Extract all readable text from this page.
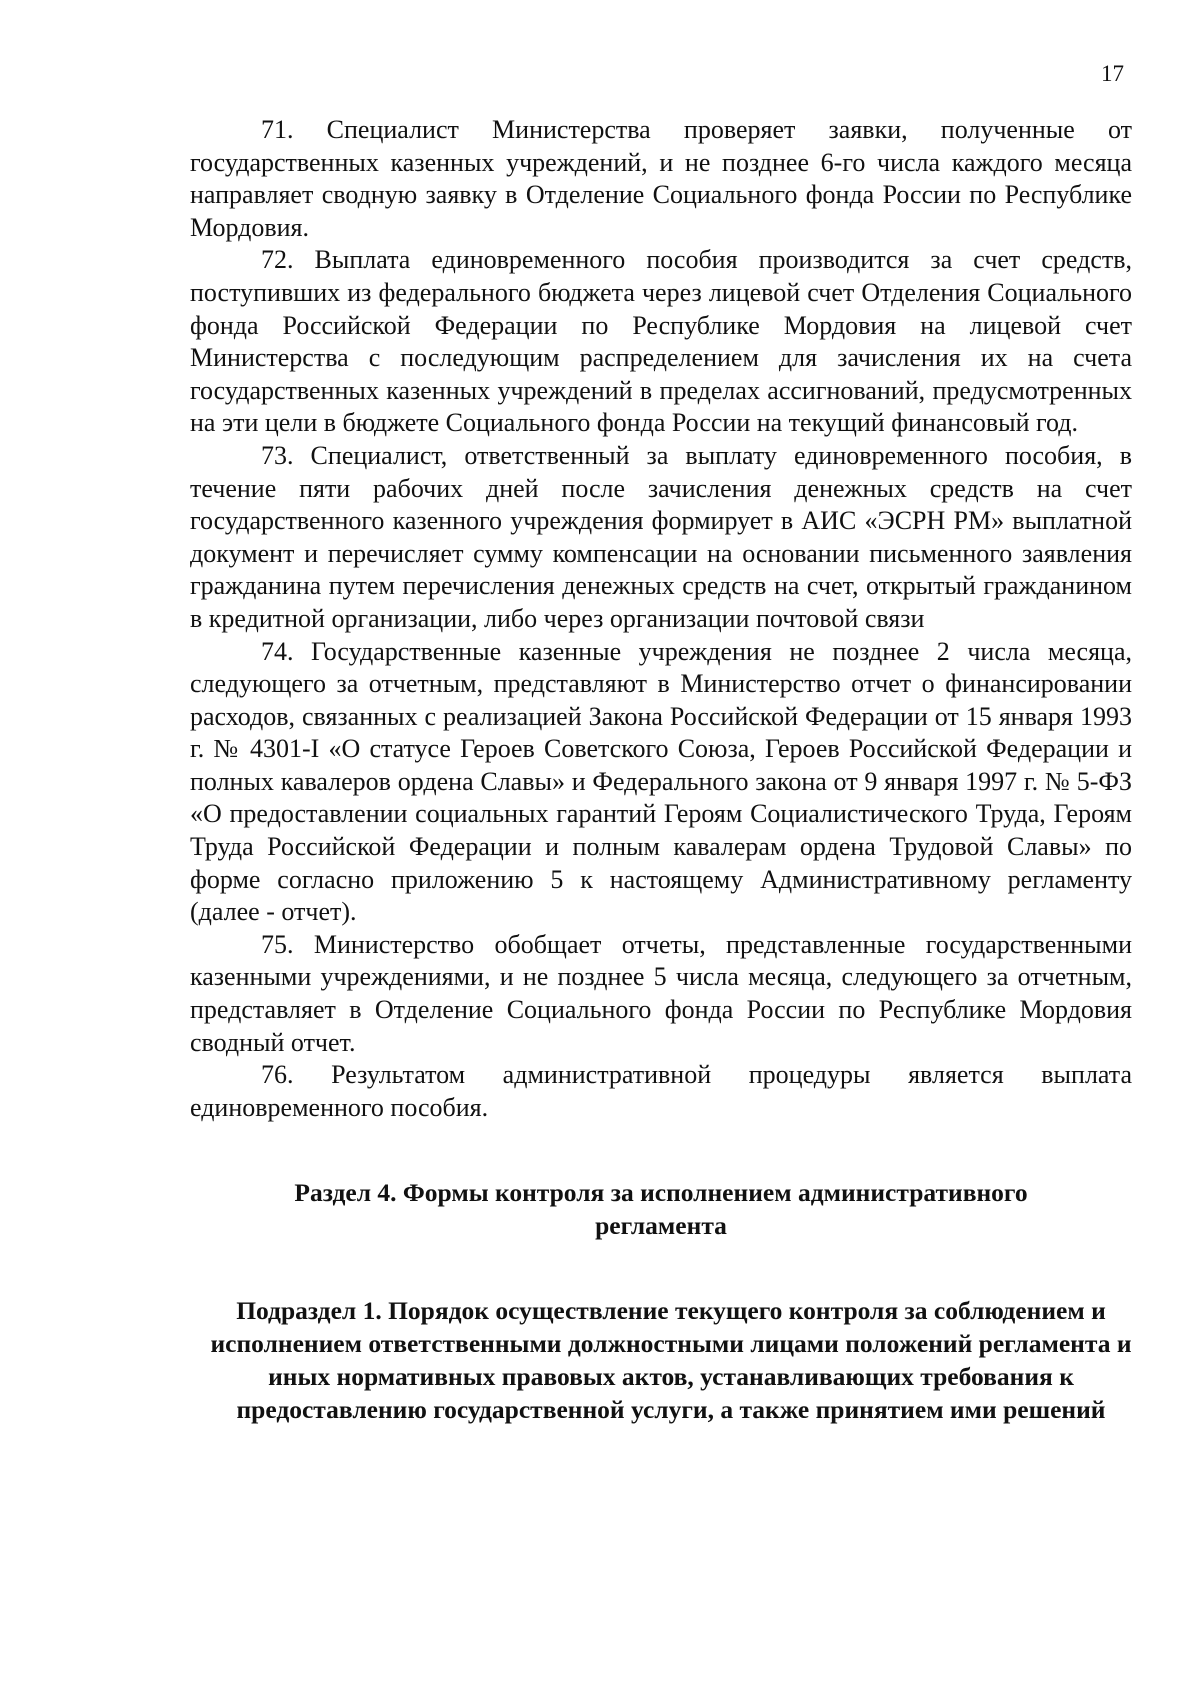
17

71. Специалист Министерства проверяет заявки, полученные от государственных казенных учреждений, и не позднее 6-го числа каждого месяца направляет сводную заявку в Отделение Социального фонда России по Республике Мордовия.

72. Выплата единовременного пособия производится за счет средств, поступивших из федерального бюджета через лицевой счет Отделения Социального фонда Российской Федерации по Республике Мордовия на лицевой счет Министерства с последующим распределением для зачисления их на счета государственных казенных учреждений в пределах ассигнований, предусмотренных на эти цели в бюджете Социального фонда России на текущий финансовый год.

73. Специалист, ответственный за выплату единовременного пособия, в течение пяти рабочих дней после зачисления денежных средств на счет государственного казенного учреждения формирует в АИС «ЭСРН РМ» выплатной документ и перечисляет сумму компенсации на основании письменного заявления гражданина путем перечисления денежных средств на счет, открытый гражданином в кредитной организации, либо через организации почтовой связи

74. Государственные казенные учреждения не позднее 2 числа месяца, следующего за отчетным, представляют в Министерство отчет о финансировании расходов, связанных с реализацией Закона Российской Федерации от 15 января 1993 г. № 4301-I «О статусе Героев Советского Союза, Героев Российской Федерации и полных кавалеров ордена Славы» и Федерального закона от 9 января 1997 г. № 5-ФЗ «О предоставлении социальных гарантий Героям Социалистического Труда, Героям Труда Российской Федерации и полным кавалерам ордена Трудовой Славы» по форме согласно приложению 5 к настоящему Административному регламенту (далее - отчет).

75. Министерство обобщает отчеты, представленные государственными казенными учреждениями, и не позднее 5 числа месяца, следующего за отчетным, представляет в Отделение Социального фонда России по Республике Мордовия сводный отчет.

76. Результатом административной процедуры является выплата единовременного пособия.

Раздел 4. Формы контроля за исполнением административного регламента
Подраздел 1. Порядок осуществление текущего контроля за соблюдением и исполнением ответственными должностными лицами положений регламента и иных нормативных правовых актов, устанавливающих требования к предоставлению государственной услуги, а также принятием ими решений
